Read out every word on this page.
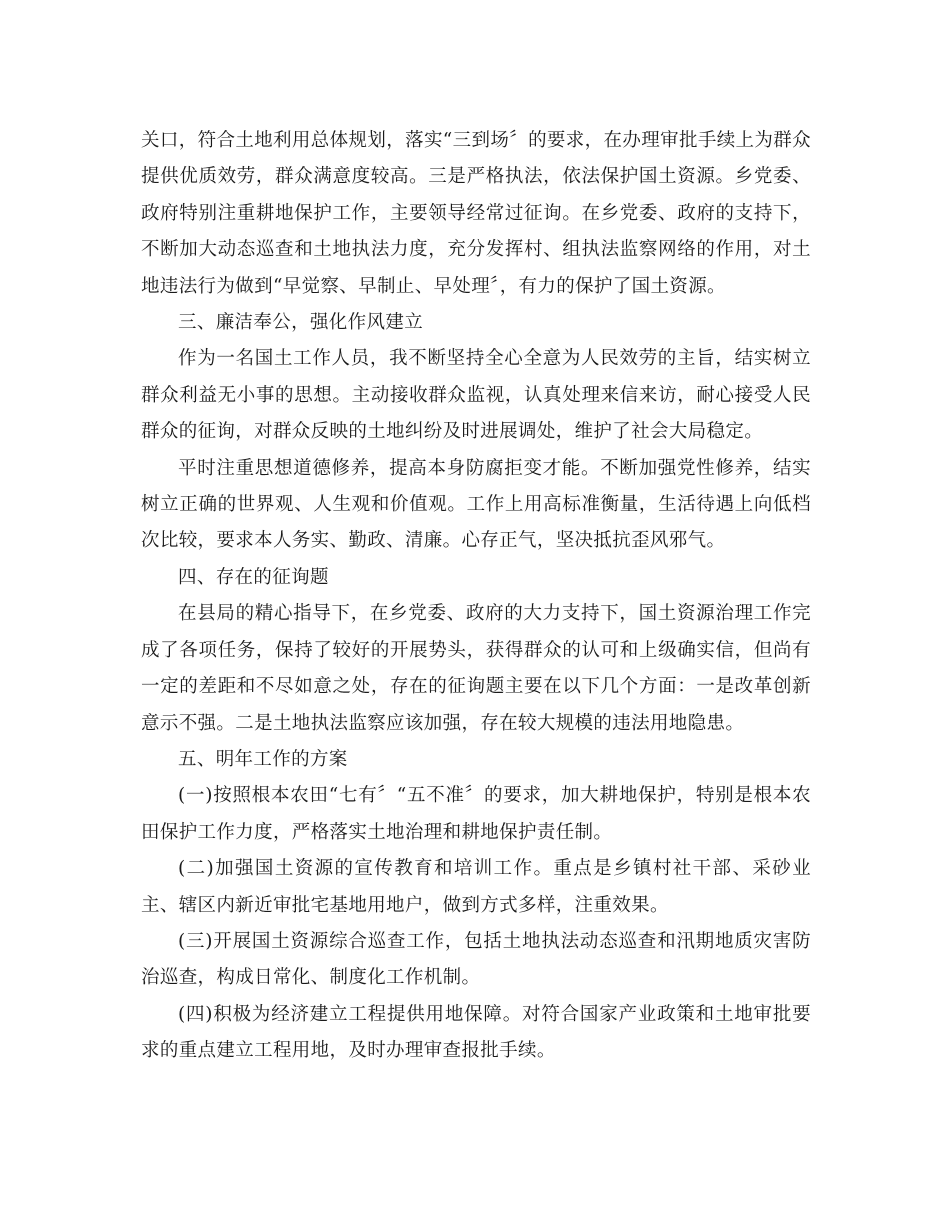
关口，符合土地利用总体规划，落实“三到场〞的要求，在办理审批手续上为群众提供优质效劳，群众满意度较高。三是严格执法，依法保护国土资源。乡党委、政府特别注重耕地保护工作，主要领导经常过征询。在乡党委、政府的支持下，不断加大动态巡查和土地执法力度，充分发挥村、组执法监察网络的作用，对土地违法行为做到“早觉察、早制止、早处理〞，有力的保护了国土资源。

三、廉洁奉公，强化作风建立

作为一名国土工作人员，我不断坚持全心全意为人民效劳的主旨，结实树立群众利益无小事的思想。主动接收群众监视，认真处理来信来访，耐心接受人民群众的征询，对群众反映的土地纠纷及时进展调处，维护了社会大局稳定。

平时注重思想道德修养，提高本身防腐拒变才能。不断加强党性修养，结实树立正确的世界观、人生观和价值观。工作上用高标准衡量，生活待遇上向低档次比较，要求本人务实、勤政、清廉。心存正气，坚决抵抗歪风邪气。

四、存在的征询题

在县局的精心指导下，在乡党委、政府的大力支持下，国土资源治理工作完成了各项任务，保持了较好的开展势头，获得群众的认可和上级确实信，但尚有一定的差距和不尽如意之处，存在的征询题主要在以下几个方面：一是改革创新意示不强。二是土地执法监察应该加强，存在较大规模的违法用地隐患。

五、明年工作的方案

(一)按照根本农田“七有〞“五不准〞的要求，加大耕地保护，特别是根本农田保护工作力度，严格落实土地治理和耕地保护责任制。

(二)加强国土资源的宣传教育和培训工作。重点是乡镇村社干部、采砂业主、辖区内新近审批宅基地用地户，做到方式多样，注重效果。

(三)开展国土资源综合巡查工作，包括土地执法动态巡查和汛期地质灾害防治巡查，构成日常化、制度化工作机制。

(四)积极为经济建立工程提供用地保障。对符合国家产业政策和土地审批要求的重点建立工程用地，及时办理审查报批手续。
